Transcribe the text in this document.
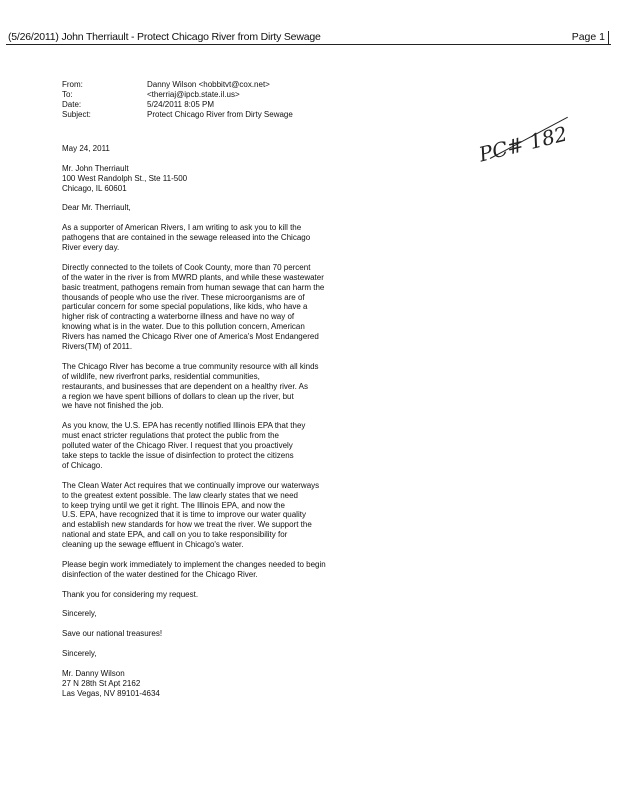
(5/26/2011) John Therriault - Protect Chicago River from Dirty Sewage	Page 1
From:	Danny Wilson <hobbitvt@cox.net>
To:	<therriaj@ipcb.state.il.us>
Date:	5/24/2011 8:05 PM
Subject:	Protect Chicago River from Dirty Sewage
PC# 182

May 24, 2011

Mr. John Therriault
100 West Randolph St., Ste 11-500
Chicago, IL 60601

Dear Mr. Therriault,

As a supporter of American Rivers, I am writing to ask you to kill the
pathogens that are contained in the sewage released into the Chicago
River every day.

Directly connected to the toilets of Cook County, more than 70 percent
of the water in the river is from MWRD plants, and while these wastewater
basic treatment, pathogens remain from human sewage that can harm the
thousands of people who use the river. These microorganisms are of
particular concern for some special populations, like kids, who have a
higher risk of contracting a waterborne illness and have no way of
knowing what is in the water. Due to this pollution concern, American
Rivers has named the Chicago River one of America's Most Endangered
Rivers(TM) of 2011.

The Chicago River has become a true community resource with all kinds
of wildlife, new riverfront parks, residential communities,
restaurants, and businesses that are dependent on a healthy river. As
a region we have spent billions of dollars to clean up the river, but
we have not finished the job.

As you know, the U.S. EPA has recently notified Illinois EPA that they
must enact stricter regulations that protect the public from the
polluted water of the Chicago River. I request that you proactively
take steps to tackle the issue of disinfection to protect the citizens
of Chicago.

The Clean Water Act requires that we continually improve our waterways
to the greatest extent possible. The law clearly states that we need
to keep trying until we get it right. The Illinois EPA, and now the
U.S. EPA, have recognized that it is time to improve our water quality
and establish new standards for how we treat the river. We support the
national and state EPA, and call on you to take responsibility for
cleaning up the sewage effluent in Chicago's water.

Please begin work immediately to implement the changes needed to begin
disinfection of the water destined for the Chicago River.

Thank you for considering my request.

Sincerely,

Save our national treasures!

Sincerely,

Mr. Danny Wilson
27 N 28th St Apt 2162
Las Vegas, NV 89101-4634
